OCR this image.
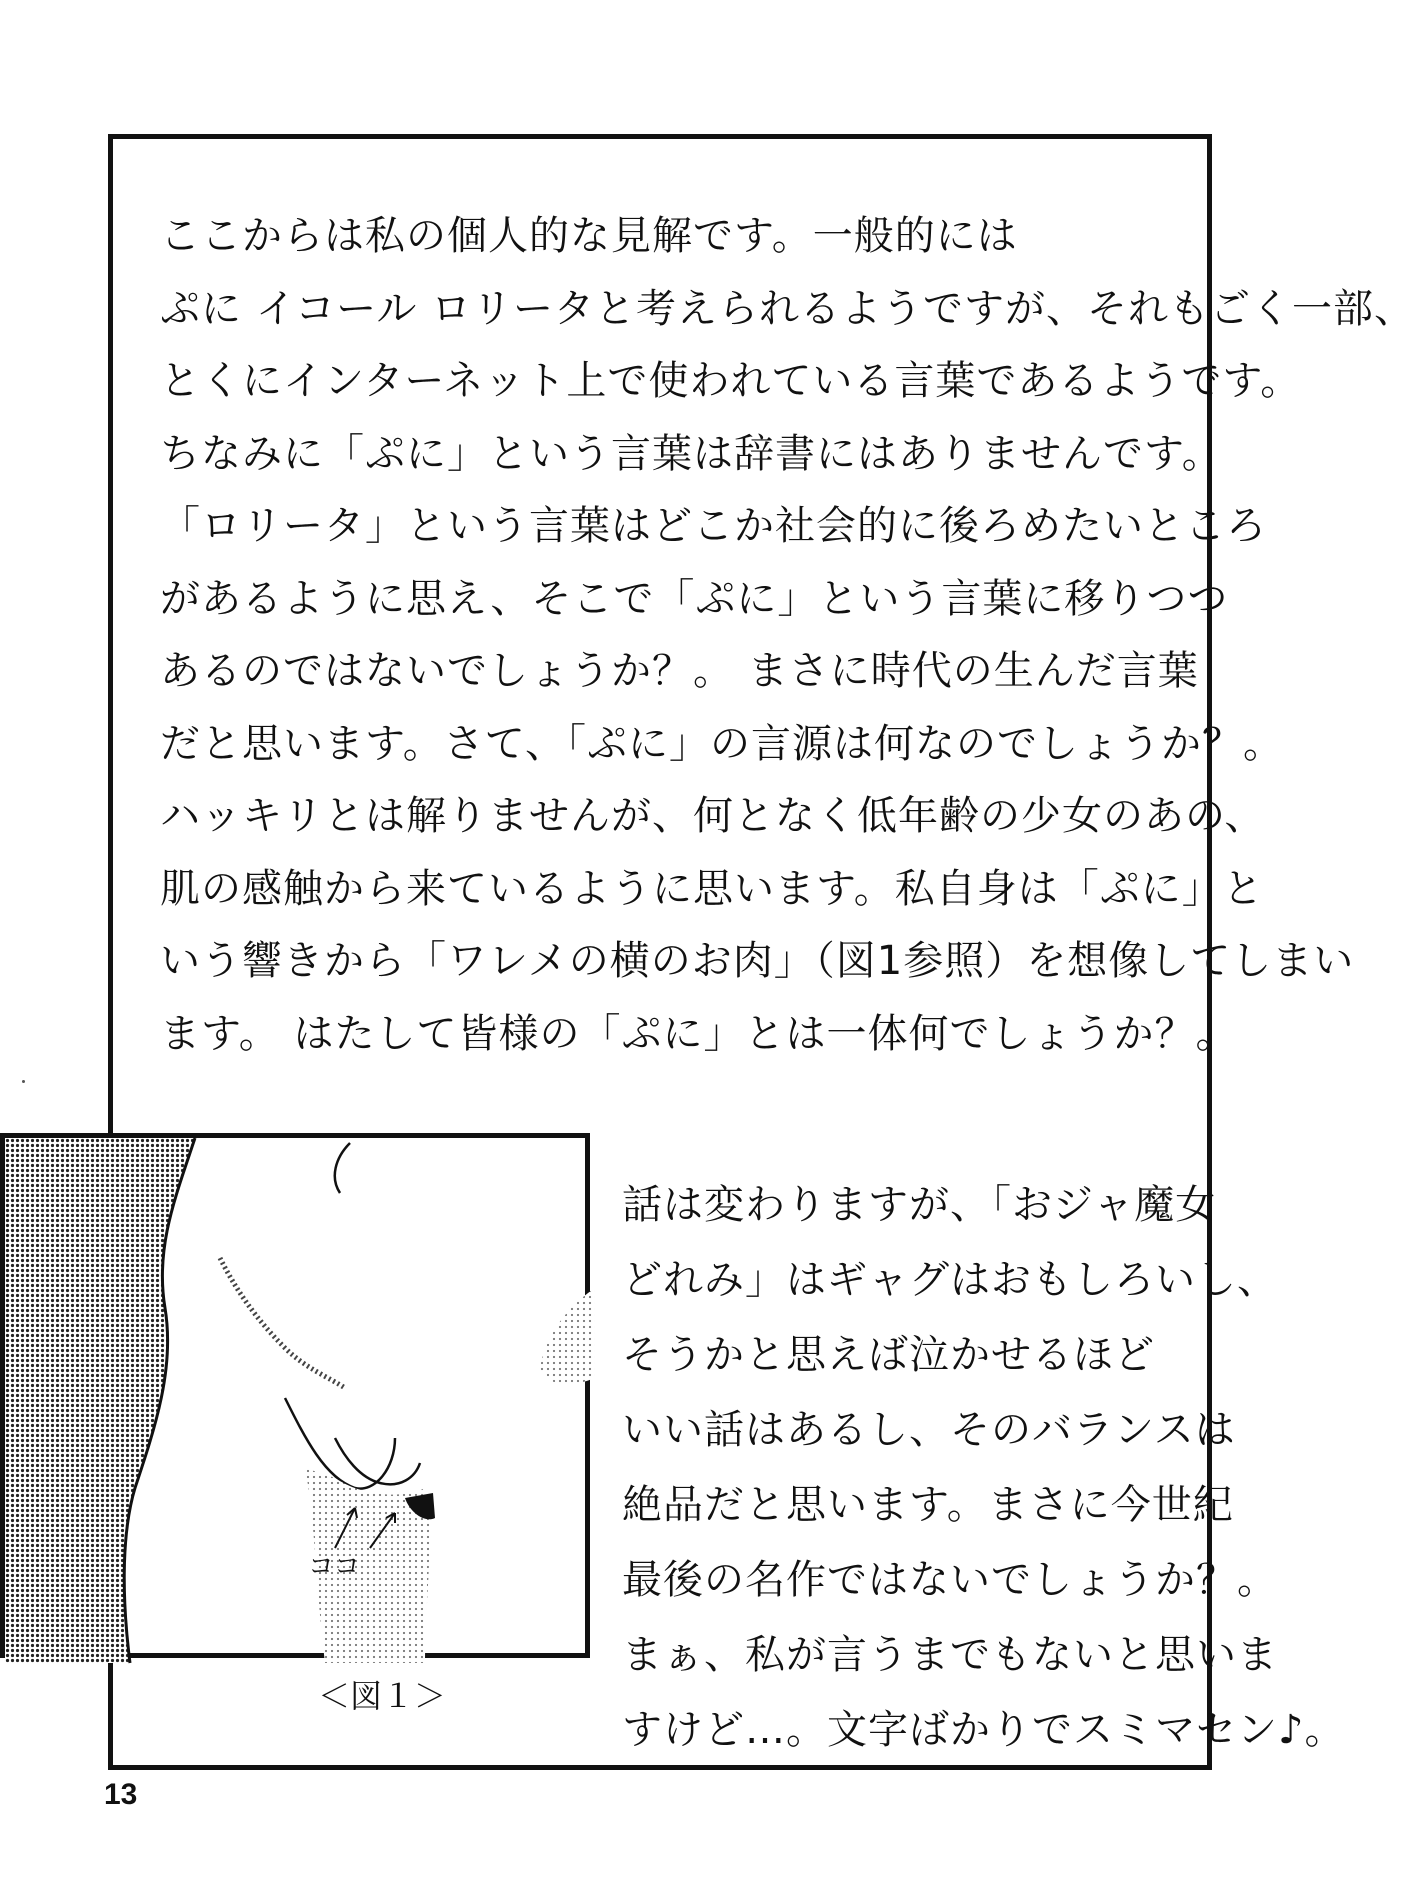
ここからは私の個人的な見解です。一般的には
ぷに イコール ロリータと考えられるようですが、それもごく一部、
とくにインターネット上で使われている言葉であるようです。
ちなみに「ぷに」という言葉は辞書にはありませんです。
「ロリータ」という言葉はどこか社会的に後ろめたいところ
があるように思え、そこで「ぷに」という言葉に移りつつ
あるのではないでしょうか？。 まさに時代の生んだ言葉
だと思います。さて、「ぷに」の言源は何なのでしょうか？。
ハッキリとは解りませんが、何となく低年齢の少女のあの、
肌の感触から来ているように思います。私自身は「ぷに」と
いう響きから「ワレメの横のお肉」（図1参照）を想像してしまい
ます。 はたして皆様の「ぷに」とは一体何でしょうか？。
ココ
＜図１＞
話は変わりますが、「おジャ魔女
どれみ」はギャグはおもしろいし、
そうかと思えば泣かせるほど
いい話はあるし、そのバランスは
絶品だと思います。まさに今世紀
最後の名作ではないでしょうか？。
まぁ、私が言うまでもないと思いま
すけど…。文字ばかりでスミマセン♪。
13
